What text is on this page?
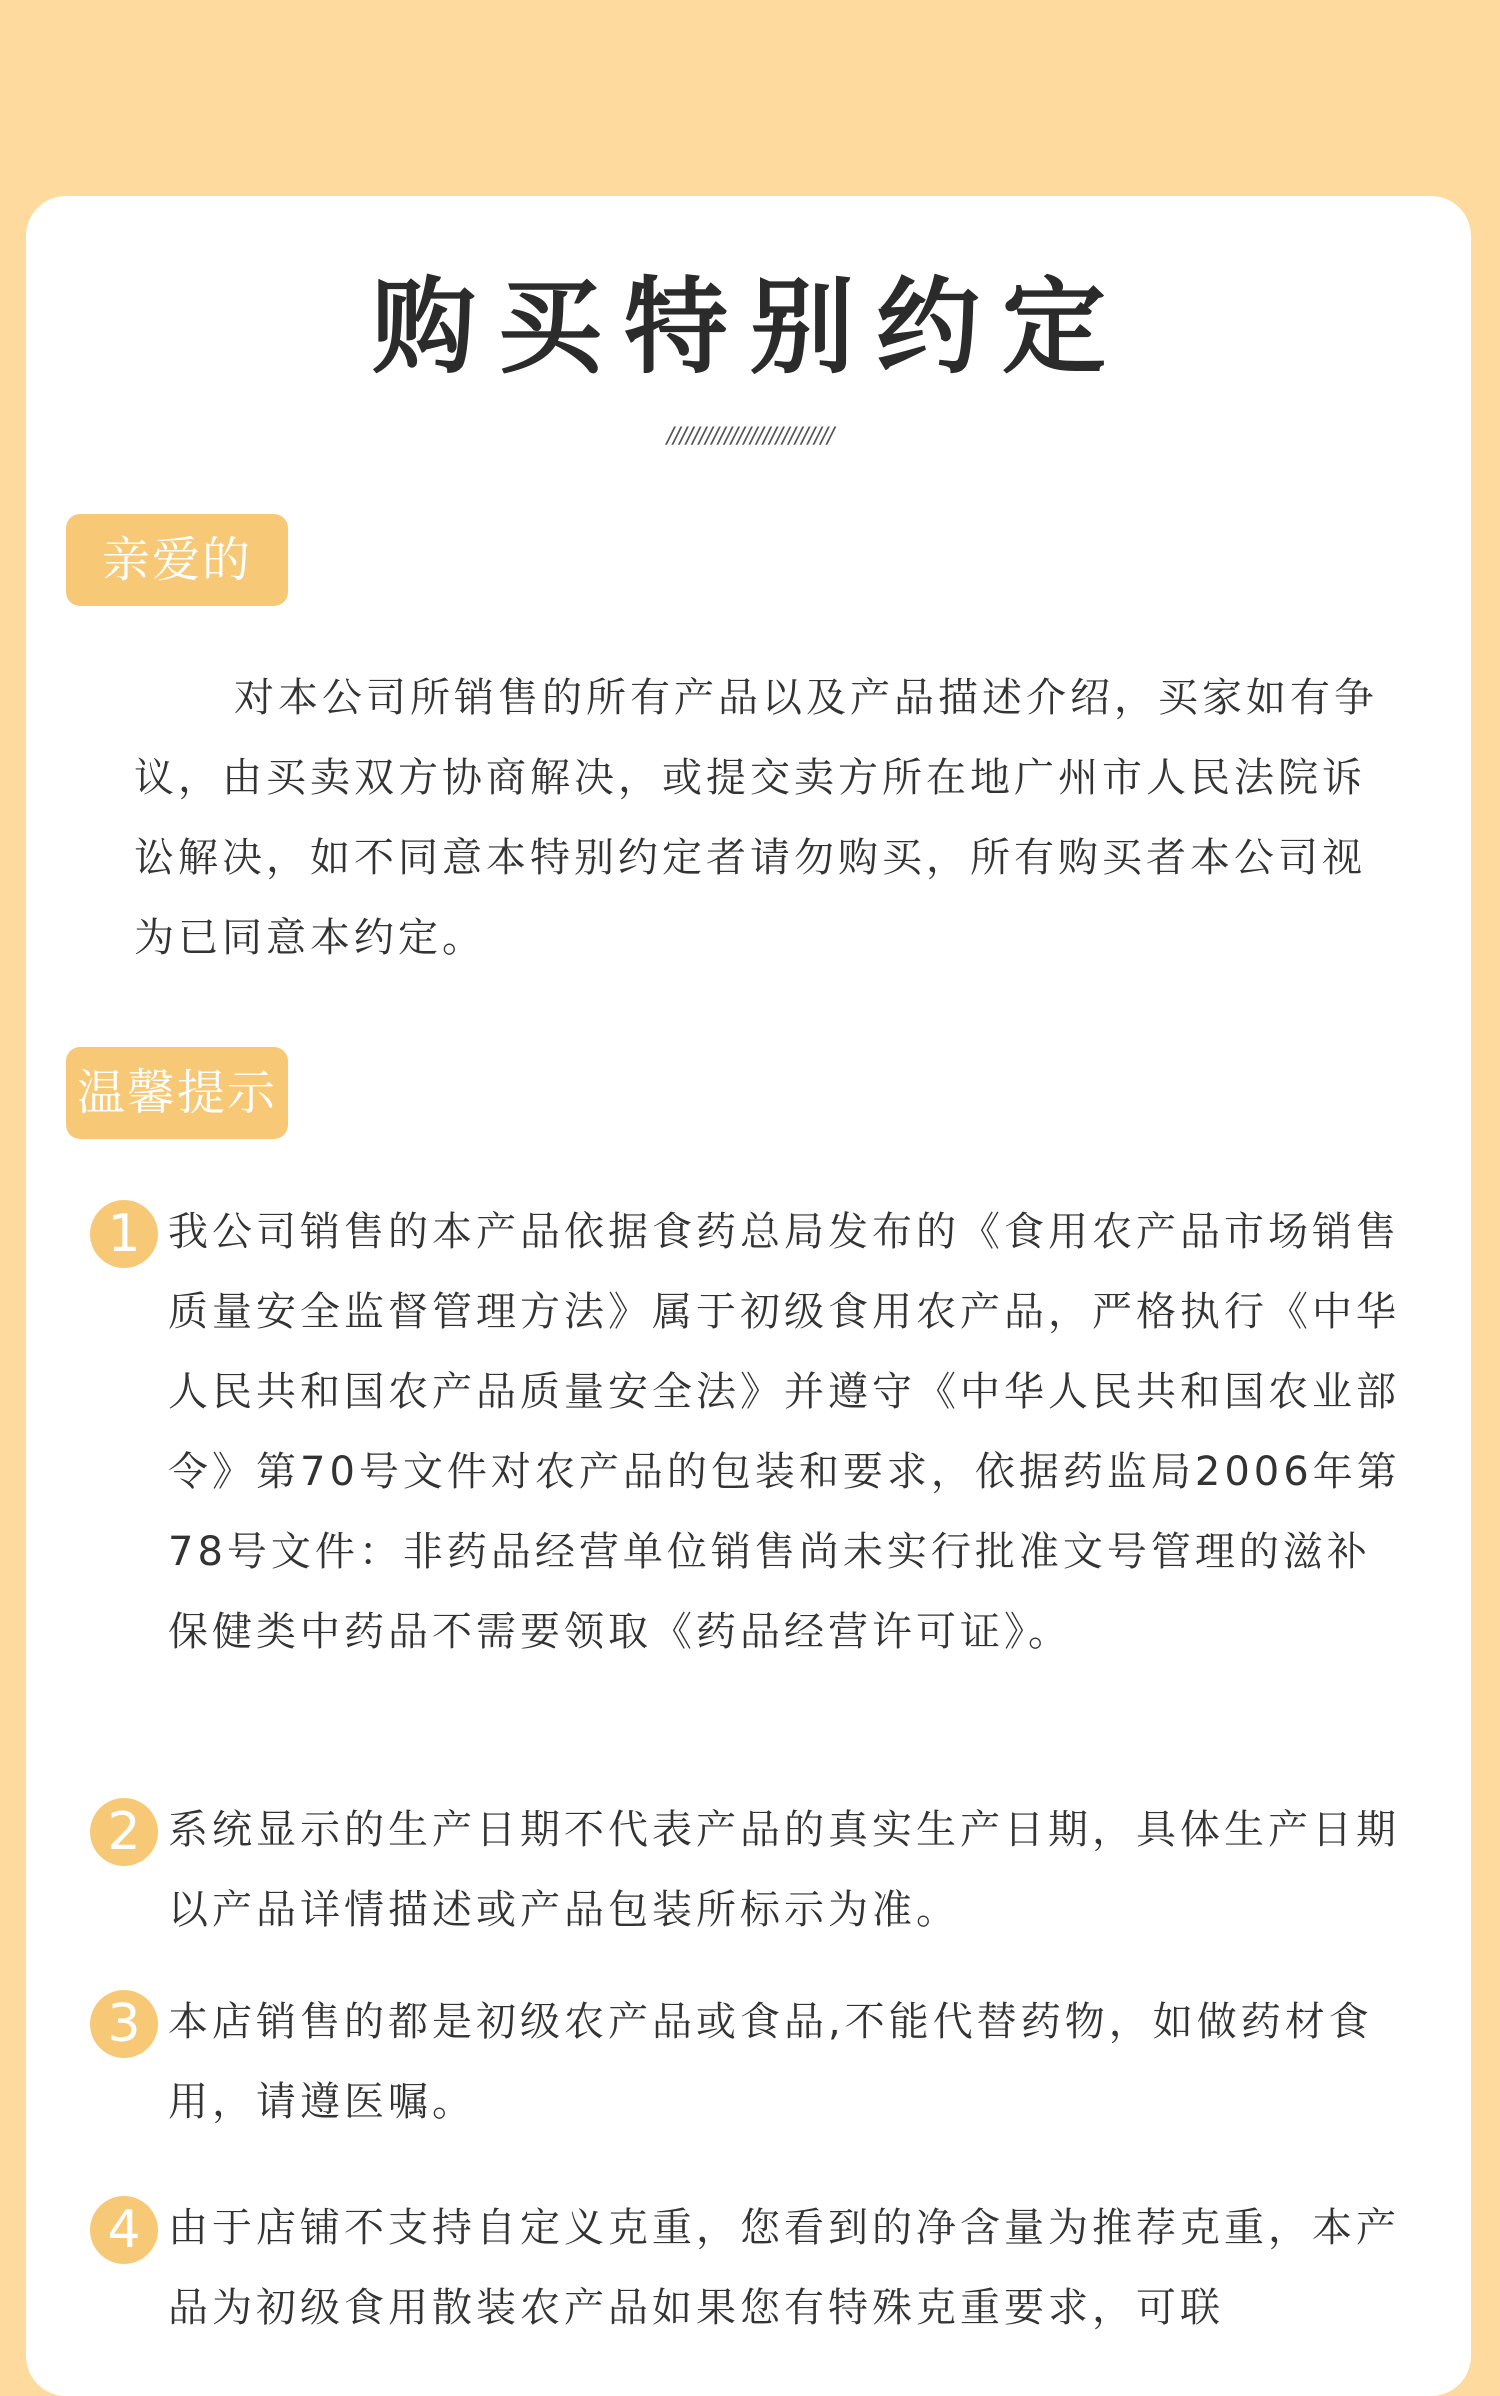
购买特别约定
//////////////////////////
亲爱的

对本公司所销售的所有产品以及产品描述介绍，买家如有争议，由买卖双方协商解决，或提交卖方所在地广州市人民法院诉讼解决，如不同意本特别约定者请勿购买，所有购买者本公司视为已同意本约定。

温馨提示
1 我公司销售的本产品依据食药总局发布的《食用农产品市场销售质量安全监督管理方法》属于初级食用农产品，严格执行《中华人民共和国农产品质量安全法》并遵守《中华人民共和国农业部令》第70号文件对农产品的包装和要求，依据药监局2006年第78号文件：非药品经营单位销售尚未实行批准文号管理的滋补保健类中药品不需要领取《药品经营许可证》。

2 系统显示的生产日期不代表产品的真实生产日期，具体生产日期以产品详情描述或产品包装所标示为准。

3 本店销售的都是初级农产品或食品,不能代替药物，如做药材食用，请遵医嘱。

4 由于店铺不支持自定义克重，您看到的净含量为推荐克重，本产品为初级食用散装农产品如果您有特殊克重要求，可联
